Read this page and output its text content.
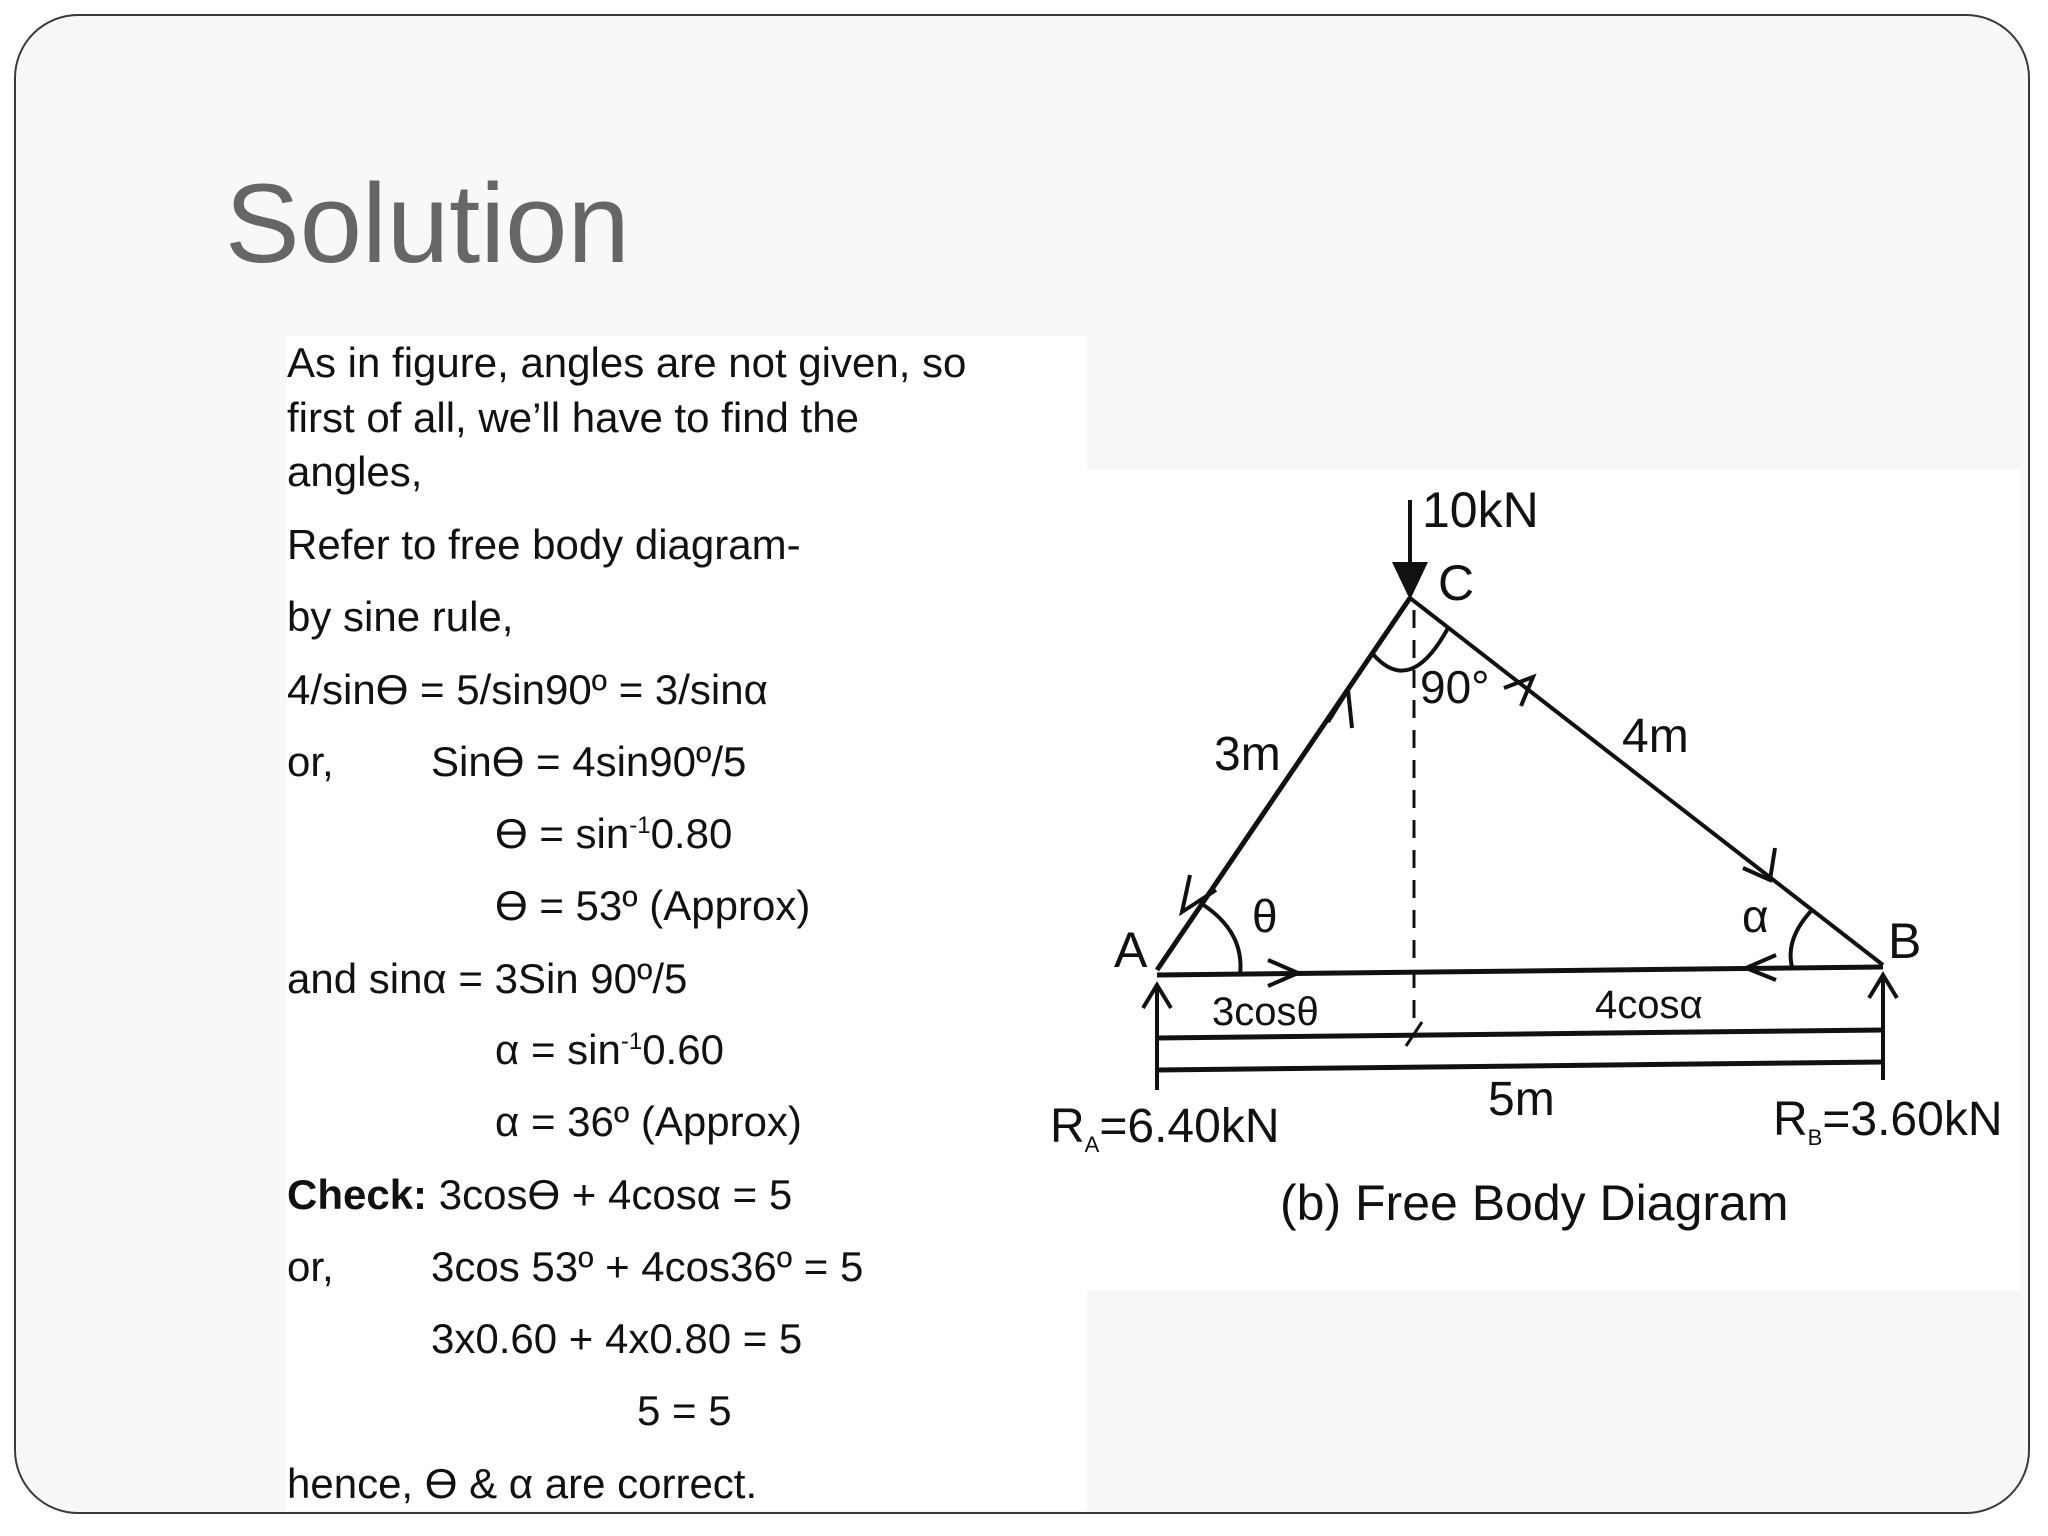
Solution
As in figure, angles are not given, so
first of all, we’ll have to find the
angles,
Refer to free body diagram-
by sine rule,
4/sinϴ = 5/sin90º = 3/sinα
or, Sinϴ = 4sin90º/5
$ϴ = \sin^{-1}0.80$
ϴ = 53º (Approx)
and sinα = 3Sin 90º/5
$\alpha = \sin^{-1}0.60$
α = 36º (Approx)
Check: 3cosϴ + 4cosα = 5
or, 3cos 53º + 4cos36º = 5
3x0.60 + 4x0.80 = 5
5 = 5
hence, ϴ & α are correct.
10kN
C
A	B
90°
θ	α
3m	4m
3cosθ	4cosα
5m
$R_A=6.40kN$	$R_B=3.60kN$
(b) Free Body Diagram
